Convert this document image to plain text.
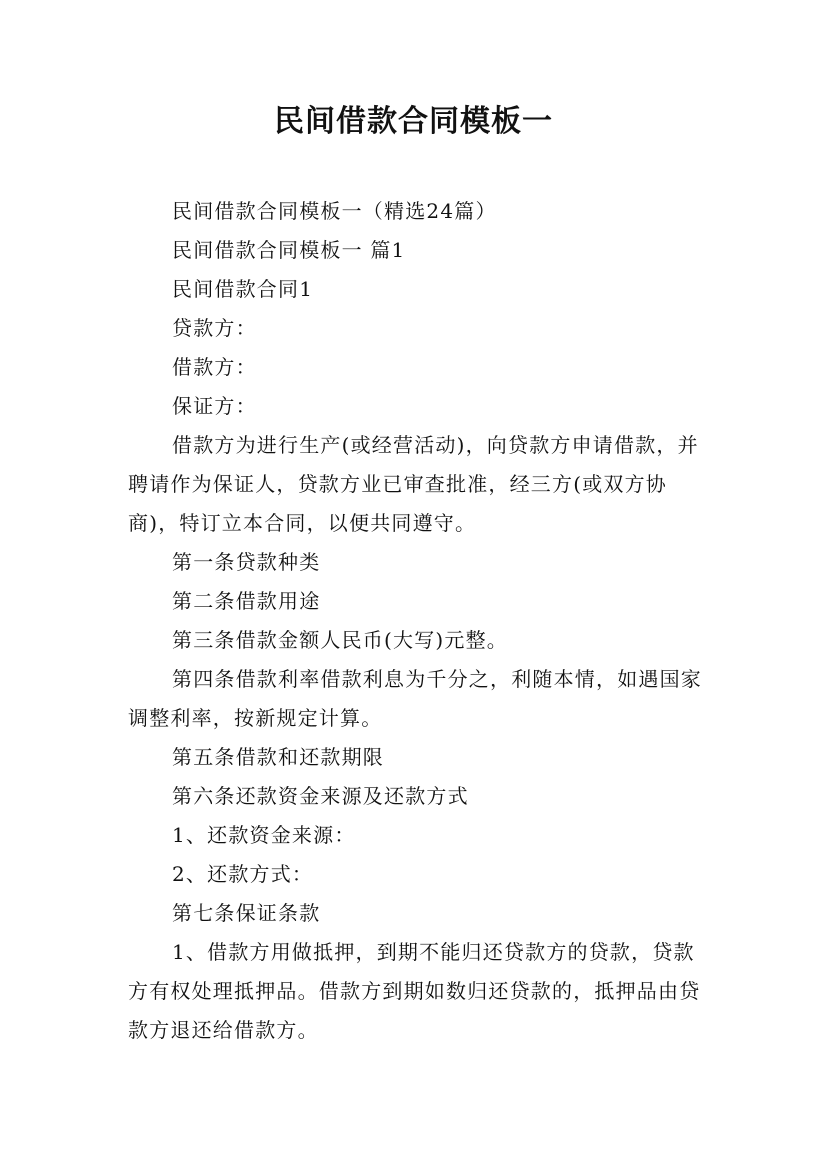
民间借款合同模板一

民间借款合同模板一（精选24篇）

民间借款合同模板一 篇1

民间借款合同1

贷款方：

借款方：

保证方：

借款方为进行生产(或经营活动)，向贷款方申请借款，并聘请作为保证人，贷款方业已审查批准，经三方(或双方协商)，特订立本合同，以便共同遵守。

第一条贷款种类

第二条借款用途

第三条借款金额人民币(大写)元整。

第四条借款利率借款利息为千分之，利随本情，如遇国家调整利率，按新规定计算。

第五条借款和还款期限

第六条还款资金来源及还款方式

1、还款资金来源：

2、还款方式：

第七条保证条款

1、借款方用做抵押，到期不能归还贷款方的贷款，贷款方有权处理抵押品。借款方到期如数归还贷款的，抵押品由贷款方退还给借款方。
